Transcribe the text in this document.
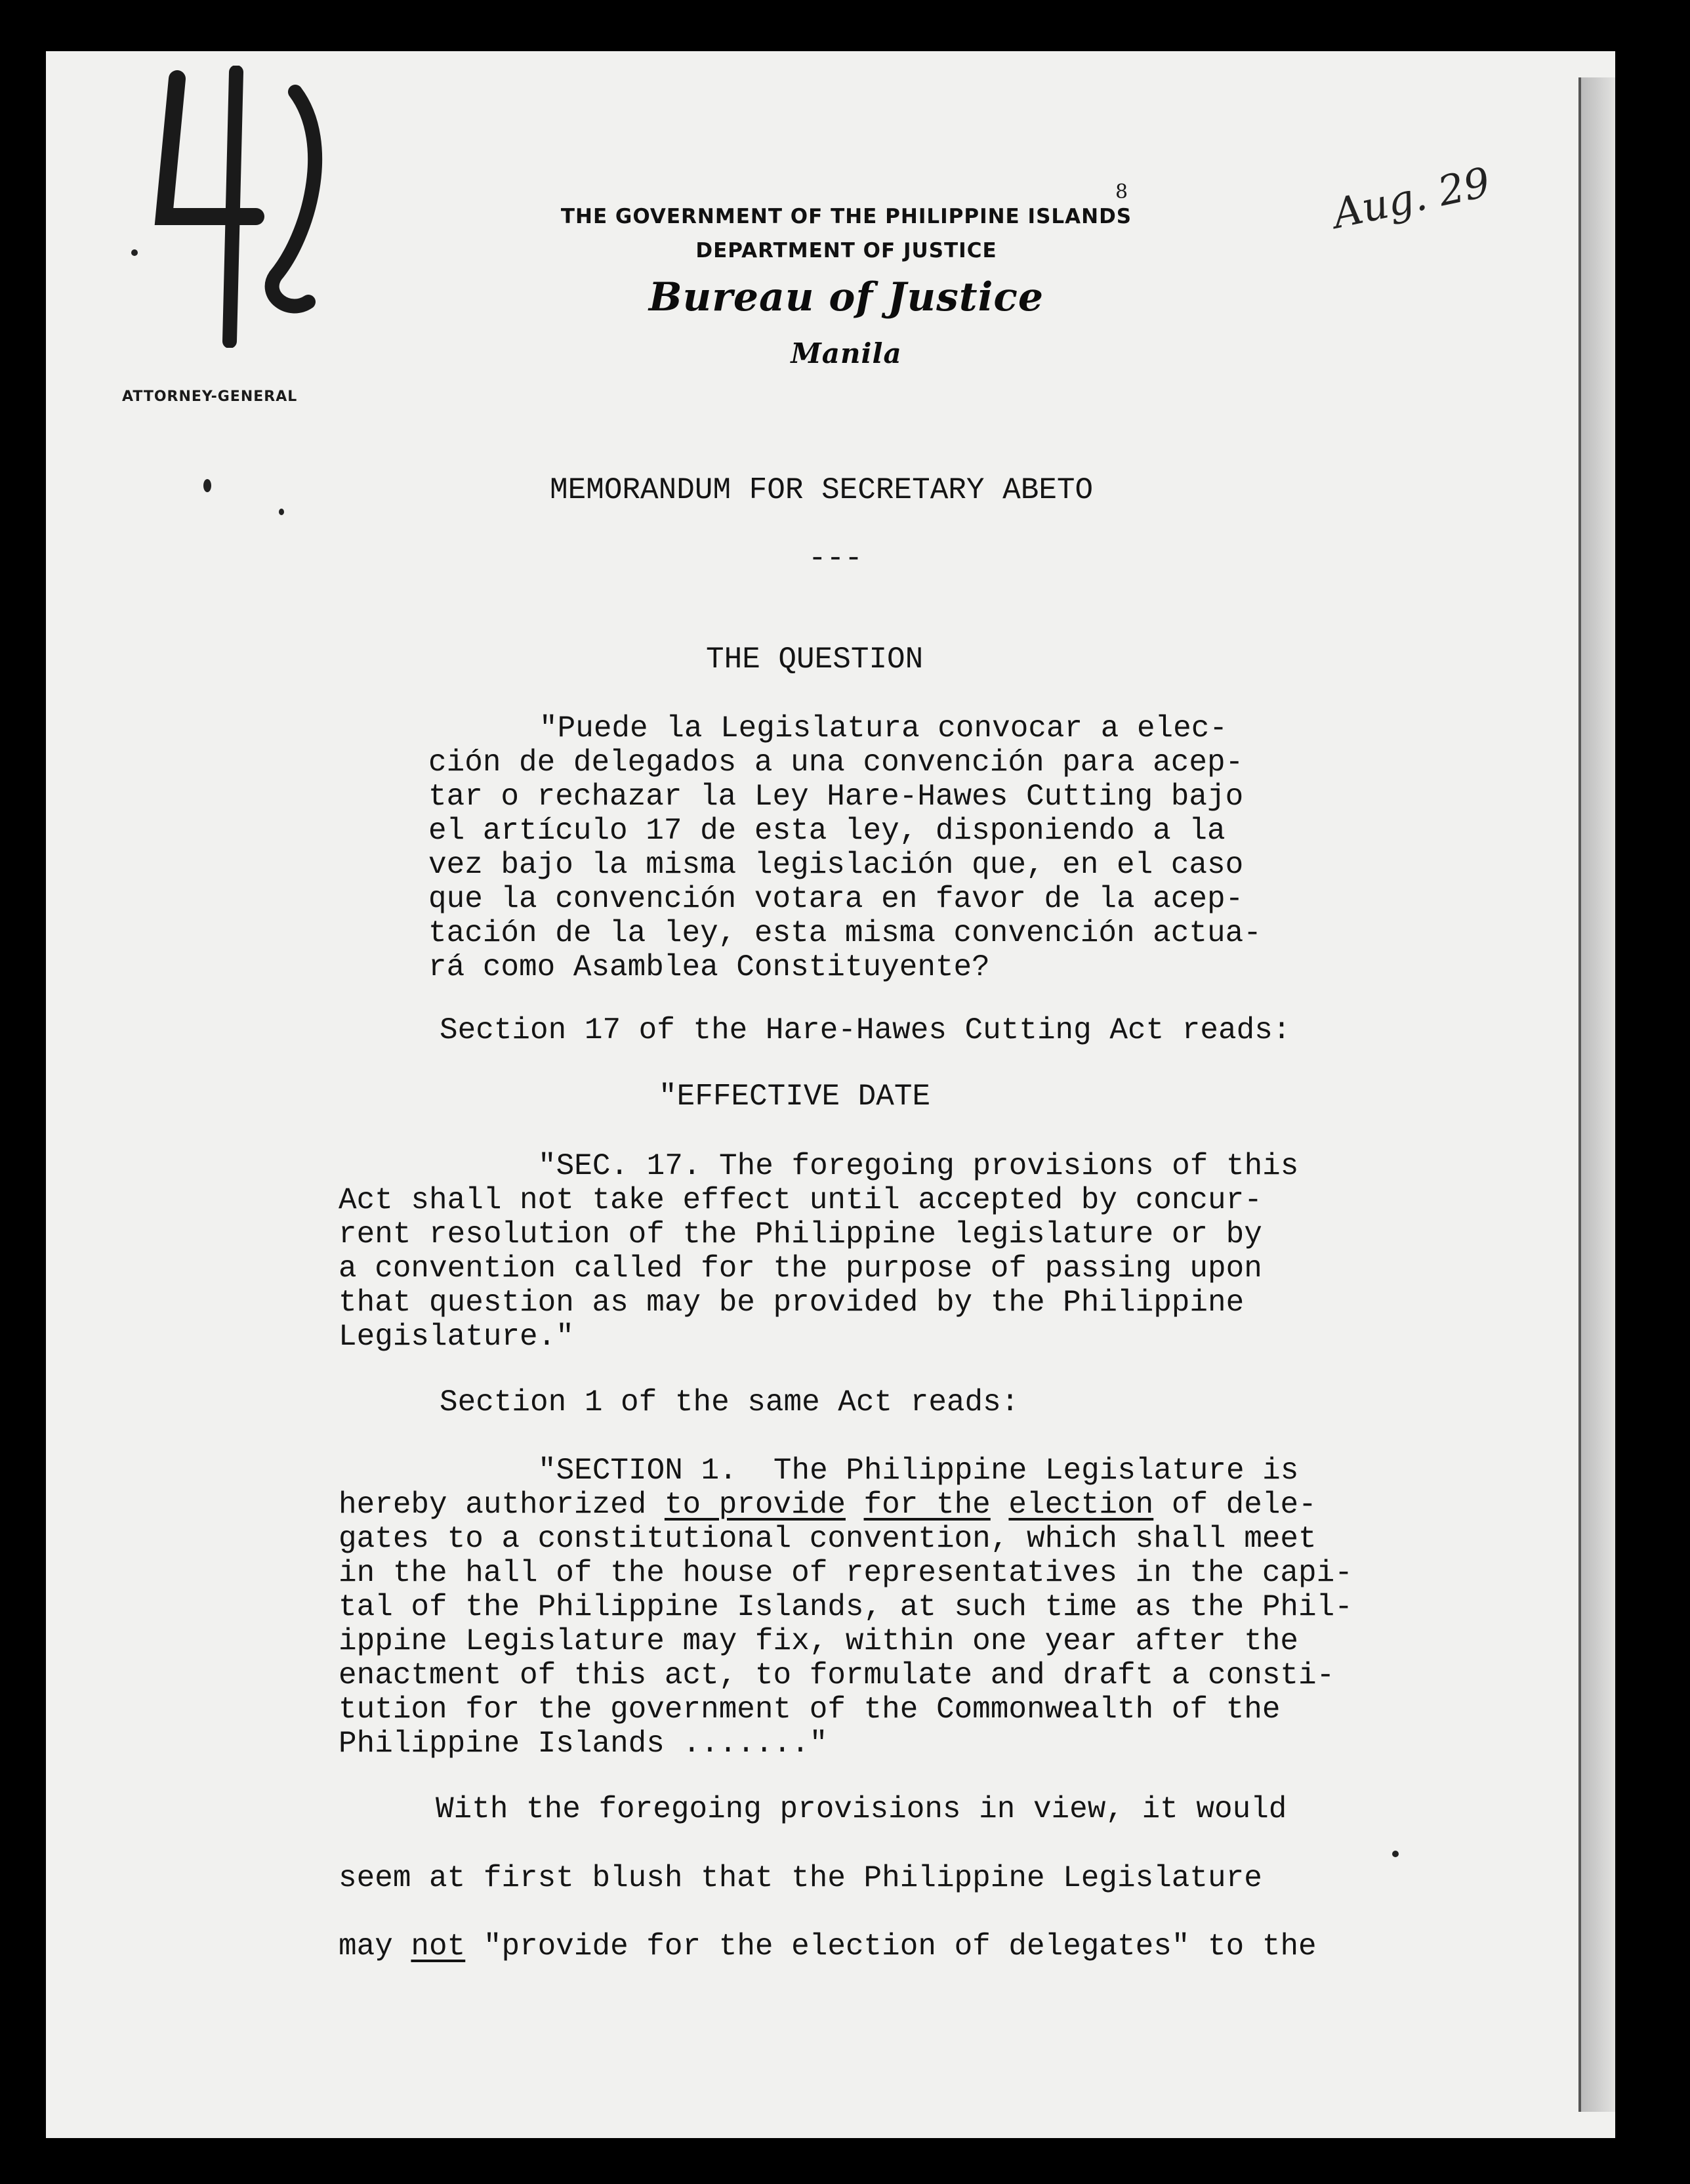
Aug. 29
8
THE GOVERNMENT OF THE PHILIPPINE ISLANDS
DEPARTMENT OF JUSTICE
Bureau of Justice
Manila
ATTORNEY-GENERAL
MEMORANDUM FOR SECRETARY ABETO
---
THE QUESTION
"Puede la Legislatura convocar a elec-
ción de delegados a una convención para acep-
tar o rechazar la Ley Hare-Hawes Cutting bajo
el artículo 17 de esta ley, disponiendo a la
vez bajo la misma legislación que, en el caso
que la convención votara en favor de la acep-
tación de la ley, esta misma convención actua-
rá como Asamblea Constituyente?
Section 17 of the Hare-Hawes Cutting Act reads:
"EFFECTIVE DATE
"SEC. 17. The foregoing provisions of this
Act shall not take effect until accepted by concur-
rent resolution of the Philippine legislature or by
a convention called for the purpose of passing upon
that question as may be provided by the Philippine
Legislature."
Section 1 of the same Act reads:
"SECTION 1.  The Philippine Legislature is
hereby authorized to provide for the election of dele-
gates to a constitutional convention, which shall meet
in the hall of the house of representatives in the capi-
tal of the Philippine Islands, at such time as the Phil-
ippine Legislature may fix, within one year after the
enactment of this act, to formulate and draft a consti-
tution for the government of the Commonwealth of the
Philippine Islands ......."
With the foregoing provisions in view, it would
seem at first blush that the Philippine Legislature
may not "provide for the election of delegates" to the
